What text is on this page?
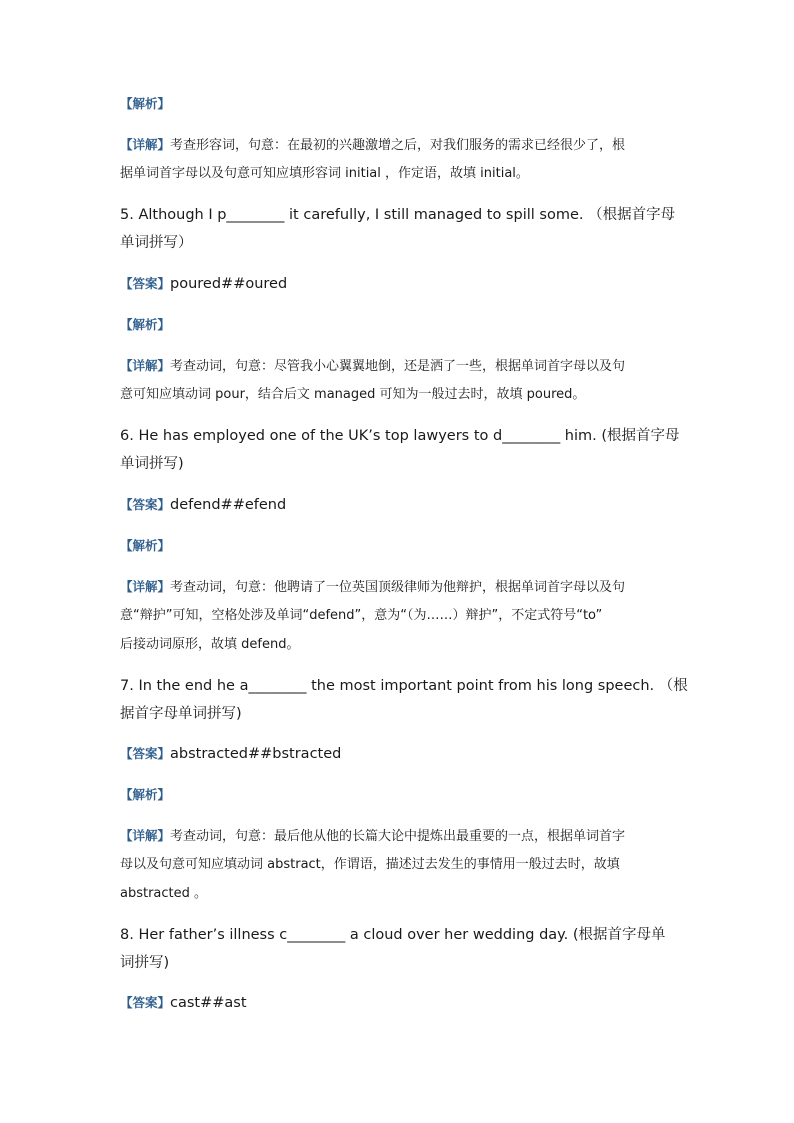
【解析】
【详解】考查形容词，句意：在最初的兴趣激增之后，对我们服务的需求已经很少了，根
据单词首字母以及句意可知应填形容词 initial ，作定语，故填 initial。
5. Although I p________ it carefully, I still managed to spill some. （根据首字母
单词拼写）
【答案】poured##oured
【解析】
【详解】考查动词，句意：尽管我小心翼翼地倒，还是洒了一些，根据单词首字母以及句
意可知应填动词 pour，结合后文 managed 可知为一般过去时，故填 poured。
6. He has employed one of the UK’s top lawyers to d________ him. (根据首字母
单词拼写)
【答案】defend##efend
【解析】
【详解】考查动词，句意：他聘请了一位英国顶级律师为他辩护，根据单词首字母以及句
意“辩护”可知，空格处涉及单词“defend”，意为“（为……）辩护”，不定式符号“to”
后接动词原形，故填 defend。
7. In the end he a________ the most important point from his long speech. （根
据首字母单词拼写)
【答案】abstracted##bstracted
【解析】
【详解】考查动词，句意：最后他从他的长篇大论中提炼出最重要的一点，根据单词首字
母以及句意可知应填动词 abstract，作谓语，描述过去发生的事情用一般过去时，故填
abstracted 。
8. Her father’s illness c________ a cloud over her wedding day. (根据首字母单
词拼写)
【答案】cast##ast
